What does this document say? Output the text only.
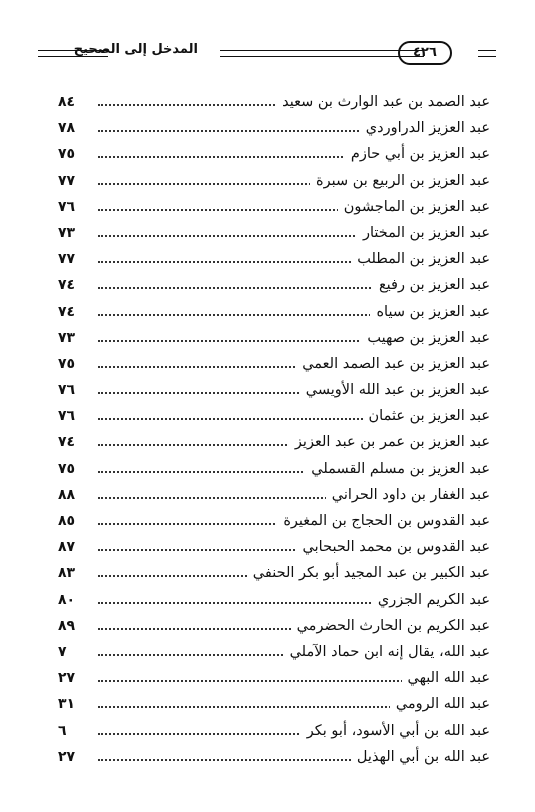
المدخل إلى الصحيح	٤٢٦
عبد الصمد بن عبد الوارث بن سعيد
٨٤
عبد العزيز الدراوردي
٧٨
عبد العزيز بن أبي حازم
٧٥
عبد العزيز بن الربيع بن سبرة
٧٧
عبد العزيز بن الماجشون
٧٦
عبد العزيز بن المختار
٧٣
عبد العزيز بن المطلب
٧٧
عبد العزيز بن رفيع
٧٤
عبد العزيز بن سياه
٧٤
عبد العزيز بن صهيب
٧٣
عبد العزيز بن عبد الصمد العمي
٧٥
عبد العزيز بن عبد الله الأويسي
٧٦
عبد العزيز بن عثمان
٧٦
عبد العزيز بن عمر بن عبد العزيز
٧٤
عبد العزيز بن مسلم القسملي
٧٥
عبد الغفار بن داود الحراني
٨٨
عبد القدوس بن الحجاج بن المغيرة
٨٥
عبد القدوس بن محمد الحبحابي
٨٧
عبد الكبير بن عبد المجيد أبو بكر الحنفي
٨٣
عبد الكريم الجزري
٨٠
عبد الكريم بن الحارث الحضرمي
٨٩
عبد الله، يقال إنه ابن حماد الآملي
٧
عبد الله البهي
٢٧
عبد الله الرومي
٣١
عبد الله بن أبي الأسود، أبو بكر
٦
عبد الله بن أبي الهذيل
٢٧
